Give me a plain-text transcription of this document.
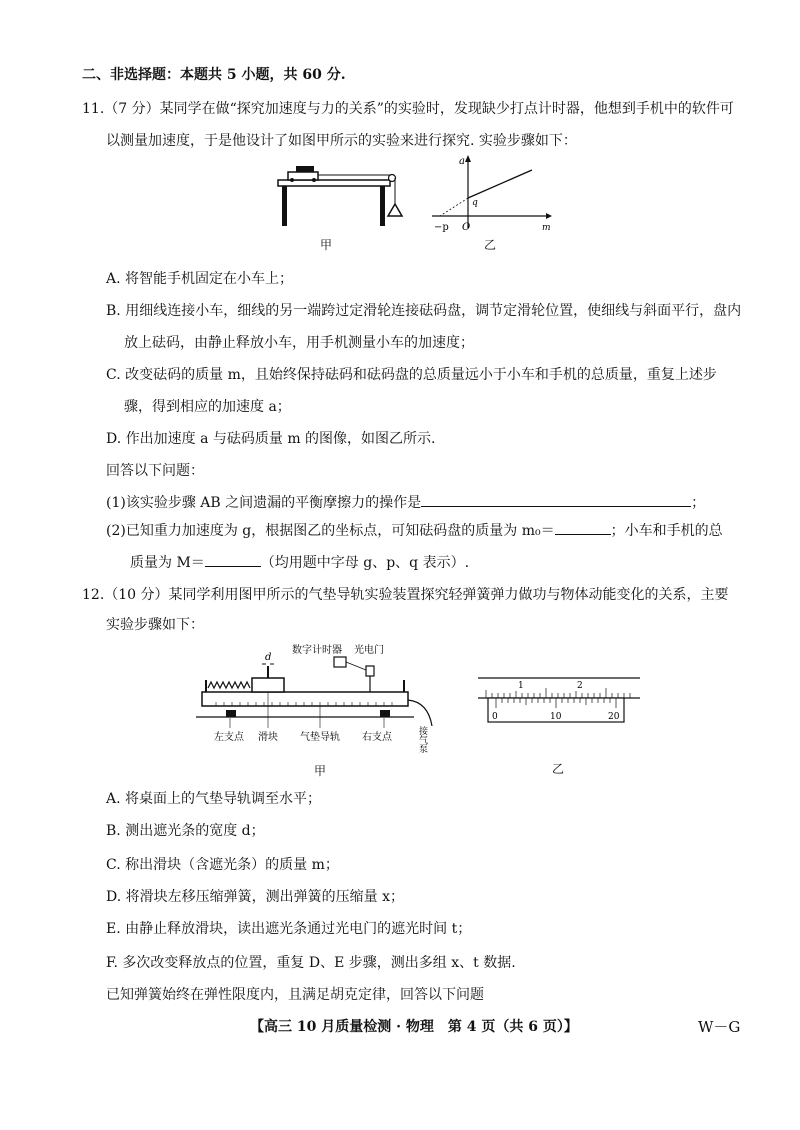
二、非选择题：本题共 5 小题，共 60 分.
11.（7 分）某同学在做“探究加速度与力的关系”的实验时，发现缺少打点计时器，他想到手机中的软件可
以测量加速度，于是他设计了如图甲所示的实验来进行探究. 实验步骤如下：
甲
a
m
−p O
q
乙
A. 将智能手机固定在小车上；
B. 用细线连接小车，细线的另一端跨过定滑轮连接砝码盘，调节定滑轮位置，使细线与斜面平行，盘内
放上砝码，由静止释放小车，用手机测量小车的加速度；
C. 改变砝码的质量 m，且始终保持砝码和砝码盘的总质量远小于小车和手机的总质量，重复上述步
骤，得到相应的加速度 a；
D. 作出加速度 a 与砝码质量 m 的图像，如图乙所示.
回答以下问题：
(1)该实验步骤 AB 之间遗漏的平衡摩擦力的操作是	；
(2)已知重力加速度为 g，根据图乙的坐标点，可知砝码盘的质量为 m₀＝	；小车和手机的总
质量为 M＝	（均用题中字母 g、p、q 表示）.
12.（10 分）某同学利用图甲所示的气垫导轨实验装置探究轻弹簧弹力做功与物体动能变化的关系，主要
实验步骤如下：
d
数字计时器 光电门
左支点 滑块 气垫导轨 右支点	接气泵
甲
1	2
0	10	20
乙
A. 将桌面上的气垫导轨调至水平；
B. 测出遮光条的宽度 d；
C. 称出滑块（含遮光条）的质量 m；
D. 将滑块左移压缩弹簧，测出弹簧的压缩量 x；
E. 由静止释放滑块，读出遮光条通过光电门的遮光时间 t；
F. 多次改变释放点的位置，重复 D、E 步骤，测出多组 x、t 数据.
已知弹簧始终在弹性限度内，且满足胡克定律，回答以下问题
【高三 10 月质量检测 · 物理　第 4 页（共 6 页）】	W－G
